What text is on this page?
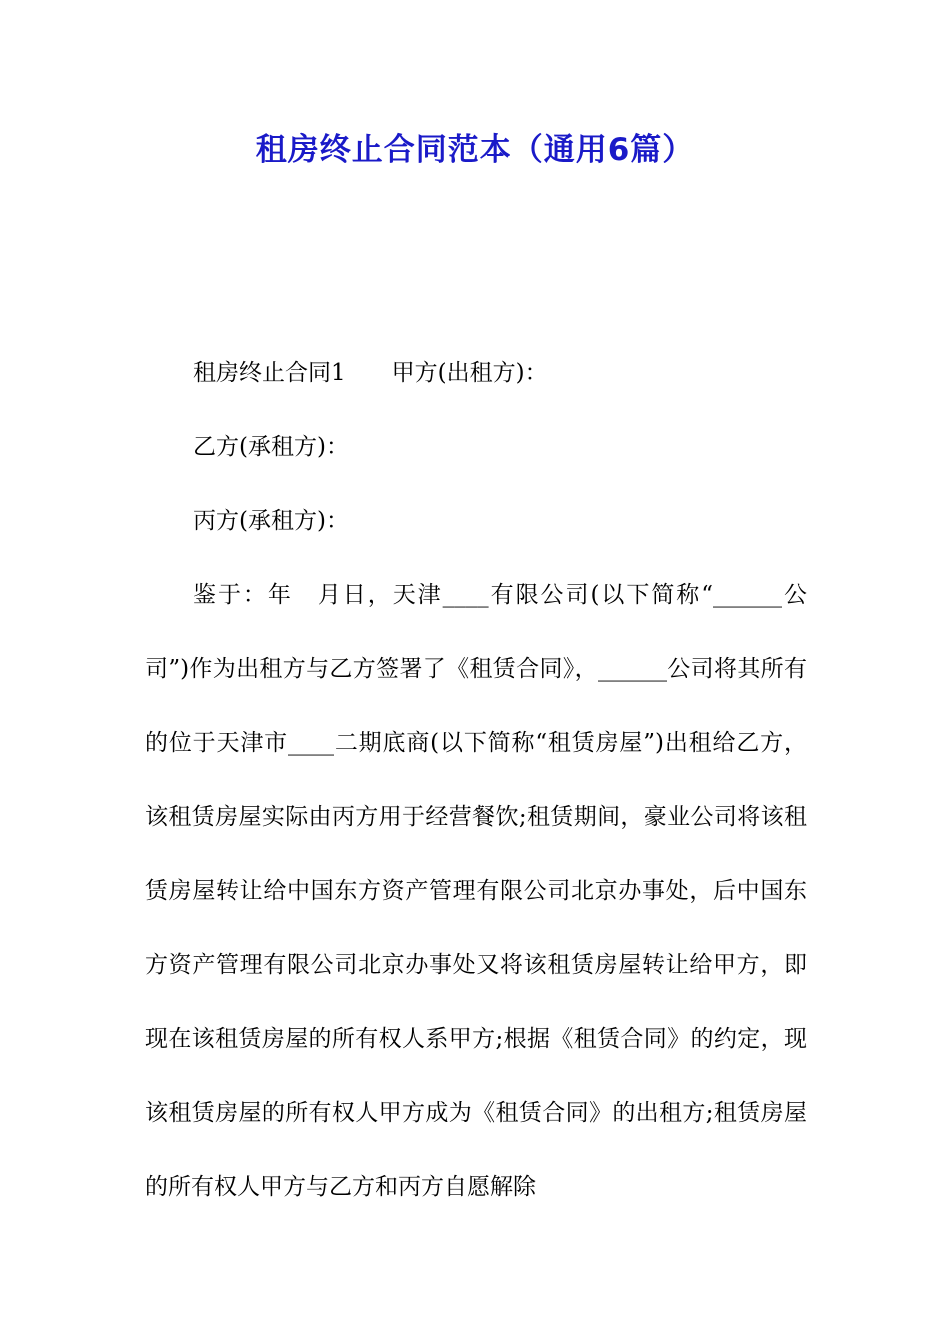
租房终止合同范本（通用6篇）

租房终止合同1　　甲方(出租方)：

乙方(承租方)：

丙方(承租方)：

鉴于：年　月日，天津____有限公司(以下简称“______公司”)作为出租方与乙方签署了《租赁合同》，______公司将其所有的位于天津市____二期底商(以下简称“租赁房屋”)出租给乙方，该租赁房屋实际由丙方用于经营餐饮;租赁期间，豪业公司将该租赁房屋转让给中国东方资产管理有限公司北京办事处，后中国东方资产管理有限公司北京办事处又将该租赁房屋转让给甲方，即现在该租赁房屋的所有权人系甲方;根据《租赁合同》的约定，现该租赁房屋的所有权人甲方成为《租赁合同》的出租方;租赁房屋的所有权人甲方与乙方和丙方自愿解除
